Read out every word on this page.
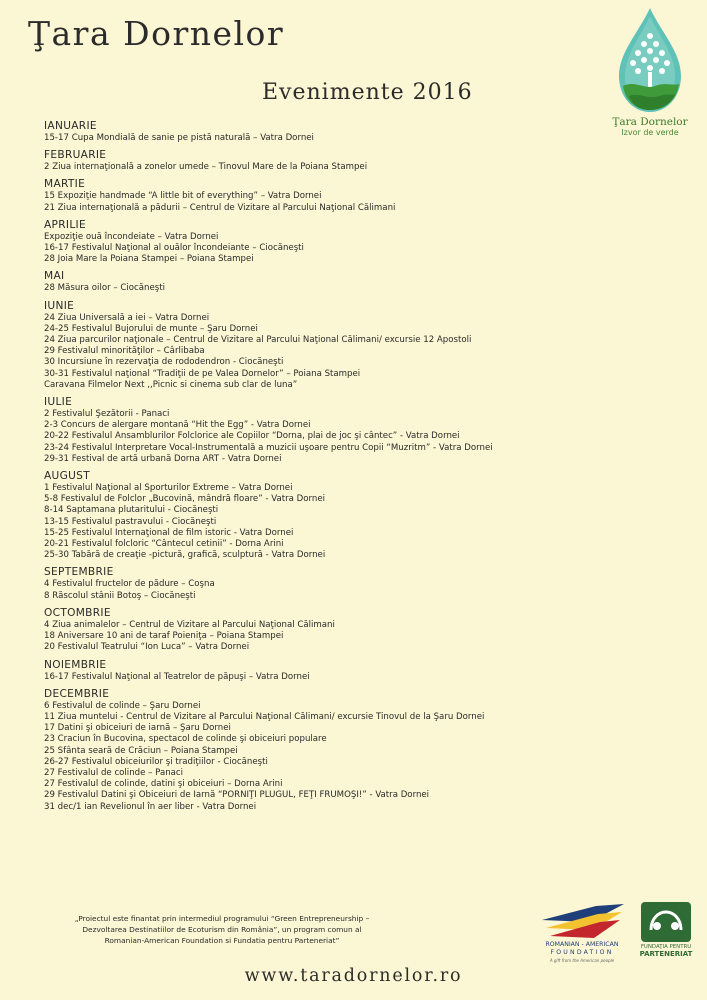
Ţara Dornelor
Evenimente 2016
Ţara Dornelor
Izvor de verde
IANUARIE
15-17 Cupa Mondială de sanie pe pistă naturală – Vatra Dornei
FEBRUARIE
2 Ziua internaţională a zonelor umede – Tinovul Mare de la Poiana Stampei
MARTIE
15 Expoziţie handmade “A little bit of everything” – Vatra Dornei
21 Ziua internaţională a pădurii – Centrul de Vizitare al Parcului Naţional Călimani
APRILIE
Expoziţie ouă încondeiate – Vatra Dornei
16-17 Festivalul Naţional al ouălor încondeiante – Ciocăneşti
28 Joia Mare la Poiana Stampei – Poiana Stampei
MAI
28 Măsura oilor – Ciocăneşti
IUNIE
24 Ziua Universală a iei – Vatra Dornei
24-25 Festivalul Bujorului de munte – Şaru Dornei
24 Ziua parcurilor naţionale – Centrul de Vizitare al Parcului Naţional Călimani/ excursie 12 Apostoli
29 Festivalul minorităţilor – Cârlibaba
30 Incursiune în rezervaţia de rododendron - Ciocăneşti
30-31 Festivalul naţional “Tradiţii de pe Valea Dornelor” – Poiana Stampei
Caravana Filmelor Next ,,Picnic si cinema sub clar de luna”
IULIE
2 Festivalul Şezătorii - Panaci
2-3 Concurs de alergare montană “Hit the Egg” - Vatra Dornei
20-22 Festivalul Ansamblurilor Folclorice ale Copiilor “Dorna, plai de joc şi cântec” - Vatra Dornei
23-24 Festivalul Interpretare Vocal-Instrumentală a muzicii uşoare pentru Copii “Muzritm” - Vatra Dornei
29-31 Festival de artă urbană Dorna ART - Vatra Dornei
AUGUST
1 Festivalul Naţional al Sporturilor Extreme – Vatra Dornei
5-8 Festivalul de Folclor „Bucovină, mândră floare” - Vatra Dornei
8-14 Saptamana plutaritului - Ciocăneşti
13-15 Festivalul pastravului - Ciocăneşti
15-25 Festivalul Internaţional de film istoric - Vatra Dornei
20-21 Festivalul folcloric “Cântecul cetinii” - Dorna Arini
25-30 Tabără de creaţie -pictură, grafică, sculptură - Vatra Dornei
SEPTEMBRIE
4 Festivalul fructelor de pădure – Coşna
8 Răscolul stânii Botoş – Ciocăneşti
OCTOMBRIE
4 Ziua animalelor – Centrul de Vizitare al Parcului Naţional Călimani
18 Aniversare 10 ani de taraf Poieniţa – Poiana Stampei
20 Festivalul Teatrului “Ion Luca” – Vatra Dornei
NOIEMBRIE
16-17 Festivalul Naţional al Teatrelor de păpuşi – Vatra Dornei
DECEMBRIE
6 Festivalul de colinde – Şaru Dornei
11 Ziua muntelui - Centrul de Vizitare al Parcului Naţional Călimani/ excursie Tinovul de la Şaru Dornei
17 Datini şi obiceiuri de iarnă – Şaru Dornei
23 Craciun în Bucovina, spectacol de colinde şi obiceiuri populare
25 Sfânta seară de Crăciun – Poiana Stampei
26-27 Festivalul obiceiurilor şi tradiţiilor - Ciocăneşti
27 Festivalul de colinde – Panaci
27 Festivalul de colinde, datini şi obiceiuri – Dorna Arini
29 Festivalul Datini şi Obiceiuri de Iarnă “PORNIŢI PLUGUL, FEŢI FRUMOŞI!” - Vatra Dornei
31 dec/1 ian Revelionul în aer liber - Vatra Dornei
„Proiectul este finantat prin intermediul programului “Green Entrepreneurship –
Dezvoltarea Destinatiilor de Ecoturism din România”, un program comun al
Romanian-American Foundation si Fundatia pentru Parteneriat”	ROMANIAN - AMERICAN
FOUNDATION
A gift from the American people
FUNDAŢIA PENTRU
PARTENERIAT
www.taradornelor.ro
